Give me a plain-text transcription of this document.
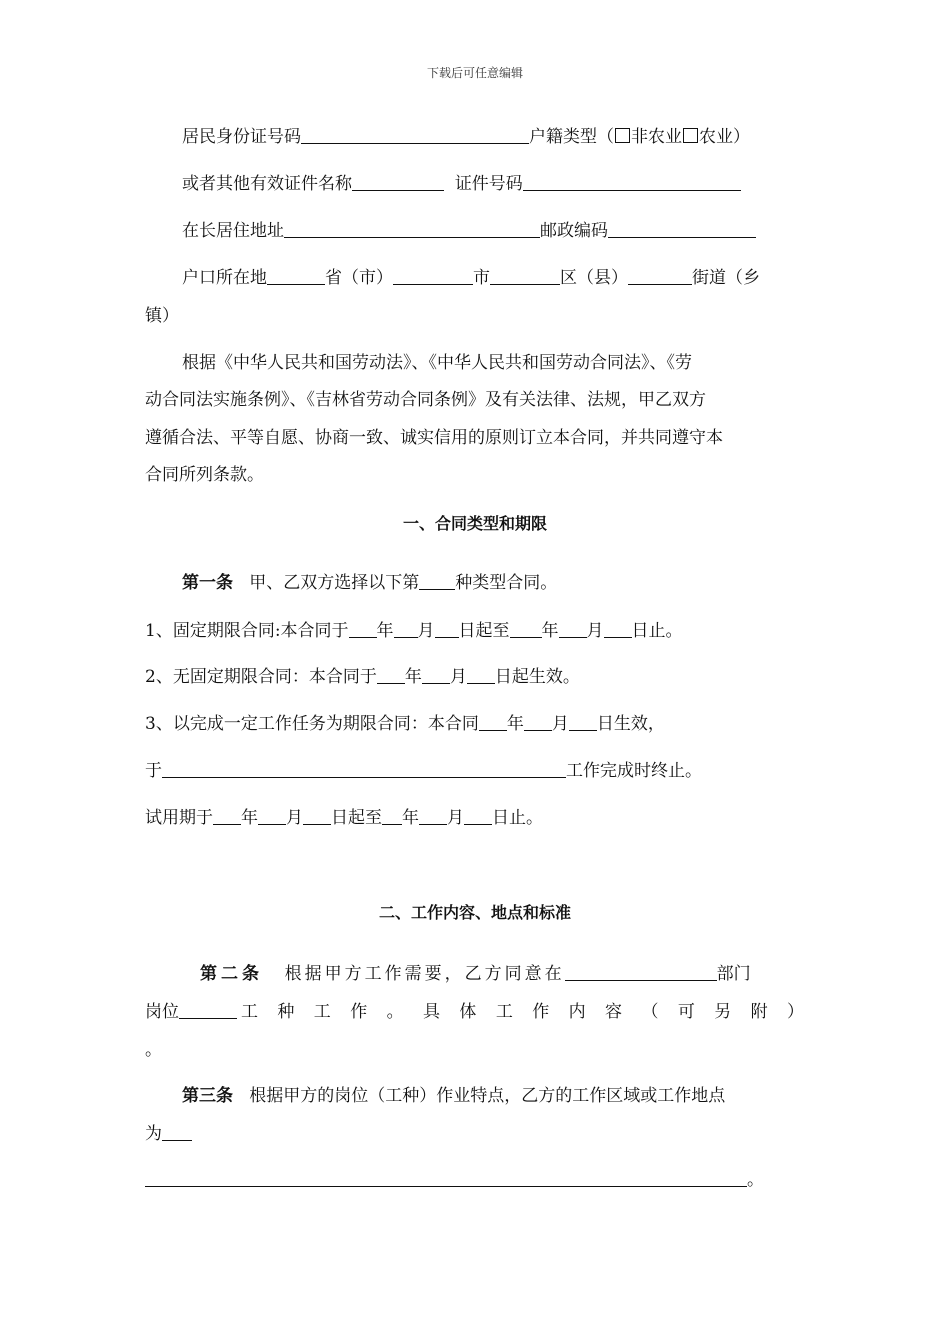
下载后可任意编辑
居民身份证号码	户籍类型（ 非农业 农业）
或者其他有效证件名称	证件号码
在长居住地址	邮政编码
户口所在地	省（市）	市	区（县）	街道（乡
镇）
根据《中华人民共和国劳动法》、《中华人民共和国劳动合同法》、《劳
动合同法实施条例》、《吉林省劳动合同条例》及有关法律、法规，甲乙双方
遵循合法、平等自愿、协商一致、诚实信用的原则订立本合同，并共同遵守本
合同所列条款。
一、合同类型和期限
第一条 甲、乙双方选择以下第 种类型合同。
1、固定期限合同:本合同于 年 月 日起至 年 月 日止。
2、无固定期限合同：本合同于 年 月 日起生效。
3、以完成一定工作任务为期限合同：本合同 年 月 日生效，
于	工作完成时终止。
试用期于 年 月 日起至 年 月 日止。
二、工作内容、地点和标准
第二条 根据甲方工作需要，乙方同意在	部门
岗位	工 种 工 作 。 具 体 工 作 内 容 （ 可 另 附 ）
。
第三条 根据甲方的岗位（工种）作业特点，乙方的工作区域或工作地点
为
。
